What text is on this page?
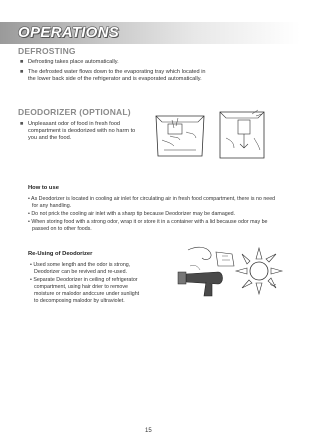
OPERATIONS
DEFROSTING
■ Defrosting takes place automatically.
■ The defrosted water flows down to the evaporating tray which located in
the lower back side of the refrigerator and is evaporated automatically.
DEODORIZER (OPTIONAL)
■ Unpleasant odor of food in fresh food
compartment is deodorized with no harm to
you and the food.
How to use
• As Deodorizer is located in cooling air inlet for circulating air in fresh food compartment, there is no need
for any handling.
• Do not prick the cooling air inlet with a sharp tip because Deodorizer may be damaged.
• When storing food with a strong odor, wrap it or store it in a container with a lid because odor may be
passed on to other foods.
Re-Using of Deodorizer
• Used some length and the odor is strong,
Deodorizer can be revived and re-used.
• Separate Deodorizer in ceiling of refrigerator
compartment, using hair drier to remove
moisture or malodor andccure under sunlight
to decomposing malodor by ultraviolet.
15
